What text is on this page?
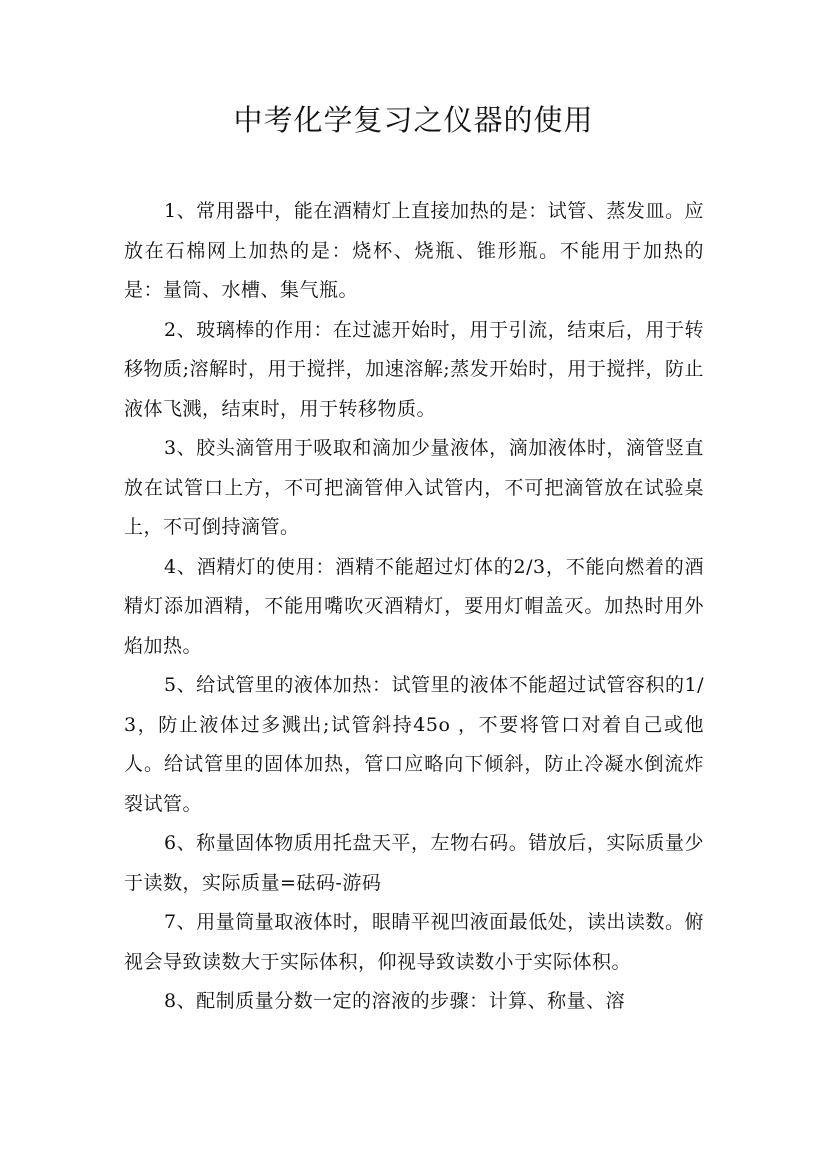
中考化学复习之仪器的使用

1、常用器中，能在酒精灯上直接加热的是：试管、蒸发皿。应放在石棉网上加热的是：烧杯、烧瓶、锥形瓶。不能用于加热的是：量筒、水槽、集气瓶。

2、玻璃棒的作用：在过滤开始时，用于引流，结束后，用于转移物质;溶解时，用于搅拌，加速溶解;蒸发开始时，用于搅拌，防止液体飞溅，结束时，用于转移物质。

3、胶头滴管用于吸取和滴加少量液体，滴加液体时，滴管竖直放在试管口上方，不可把滴管伸入试管内，不可把滴管放在试验桌上，不可倒持滴管。

4、酒精灯的使用：酒精不能超过灯体的2/3，不能向燃着的酒精灯添加酒精，不能用嘴吹灭酒精灯，要用灯帽盖灭。加热时用外焰加热。

5、给试管里的液体加热：试管里的液体不能超过试管容积的1/3，防止液体过多溅出;试管斜持45o ，不要将管口对着自己或他人。给试管里的固体加热，管口应略向下倾斜，防止冷凝水倒流炸裂试管。

6、称量固体物质用托盘天平，左物右码。错放后，实际质量少于读数，实际质量=砝码-游码

7、用量筒量取液体时，眼睛平视凹液面最低处，读出读数。俯视会导致读数大于实际体积，仰视导致读数小于实际体积。

8、配制质量分数一定的溶液的步骤：计算、称量、溶
